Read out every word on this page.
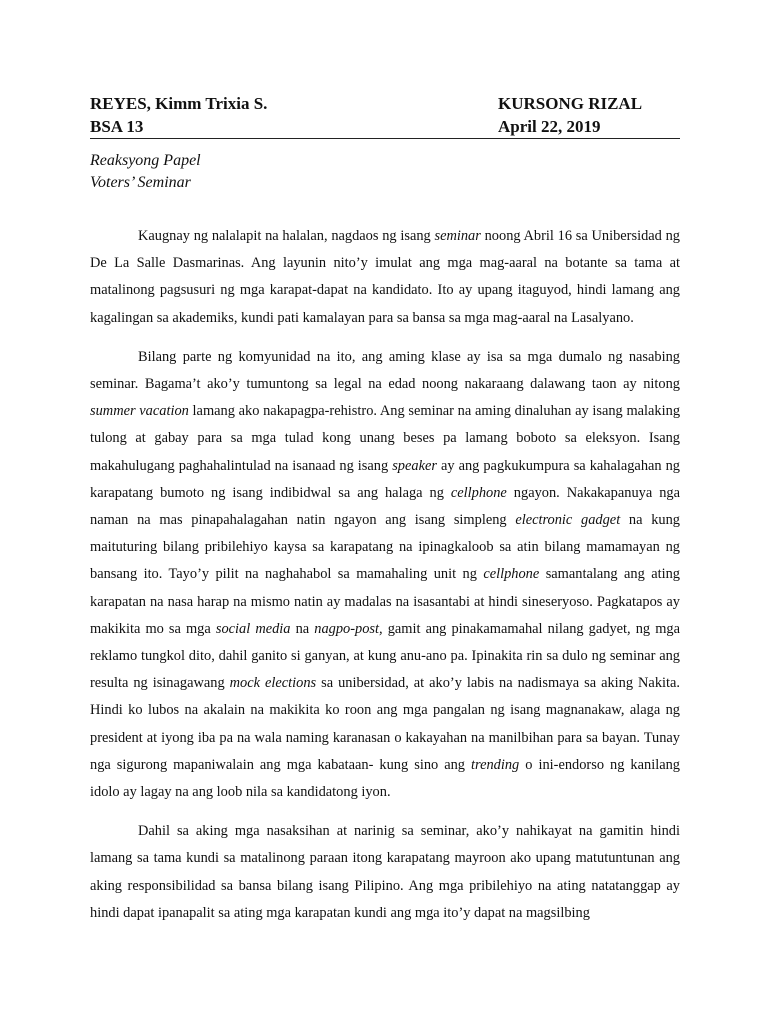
REYES, Kimm Trixia S.
BSA 13
KURSONG RIZAL
April 22, 2019
Reaksyong Papel
Voters’ Seminar

Kaugnay ng nalalapit na halalan, nagdaos ng isang seminar noong Abril 16 sa Unibersidad ng De La Salle Dasmarinas. Ang layunin nito’y imulat ang mga mag-aaral na botante sa tama at matalinong pagsusuri ng mga karapat-dapat na kandidato. Ito ay upang itaguyod, hindi lamang ang kagalingan sa akademiks, kundi pati kamalayan para sa bansa sa mga mag-aaral na Lasalyano.

Bilang parte ng komyunidad na ito, ang aming klase ay isa sa mga dumalo ng nasabing seminar. Bagama’t ako’y tumuntong sa legal na edad noong nakaraang dalawang taon ay nitong summer vacation lamang ako nakapagpa-rehistro. Ang seminar na aming dinaluhan ay isang malaking tulong at gabay para sa mga tulad kong unang beses pa lamang boboto sa eleksyon. Isang makahulugang paghahalintulad na isanaad ng isang speaker ay ang pagkukumpura sa kahalagahan ng karapatang bumoto ng isang indibidwal sa ang halaga ng cellphone ngayon. Nakakapanuya nga naman na mas pinapahalagahan natin ngayon ang isang simpleng electronic gadget na kung maituturing bilang pribilehiyo kaysa sa karapatang na ipinagkaloob sa atin bilang mamamayan ng bansang ito. Tayo’y pilit na naghahabol sa mamahaling unit ng cellphone samantalang ang ating karapatan na nasa harap na mismo natin ay madalas na isasantabi at hindi sineseryoso. Pagkatapos ay makikita mo sa mga social media na nagpo-post, gamit ang pinakamamahal nilang gadyet, ng mga reklamo tungkol dito, dahil ganito si ganyan, at kung anu-ano pa. Ipinakita rin sa dulo ng seminar ang resulta ng isinagawang mock elections sa unibersidad, at ako’y labis na nadismaya sa aking Nakita. Hindi ko lubos na akalain na makikita ko roon ang mga pangalan ng isang magnanakaw, alaga ng president at iyong iba pa na wala naming karanasan o kakayahan na manilbihan para sa bayan. Tunay nga sigurong mapaniwalain ang mga kabataan- kung sino ang trending o ini-endorso ng kanilang idolo ay lagay na ang loob nila sa kandidatong iyon.

Dahil sa aking mga nasaksihan at narinig sa seminar, ako’y nahikayat na gamitin hindi lamang sa tama kundi sa matalinong paraan itong karapatang mayroon ako upang matutuntunan ang aking responsibilidad sa bansa bilang isang Pilipino. Ang mga pribilehiyo na ating natatanggap ay hindi dapat ipanapalit sa ating mga karapatan kundi ang mga ito’y dapat na magsilbing
